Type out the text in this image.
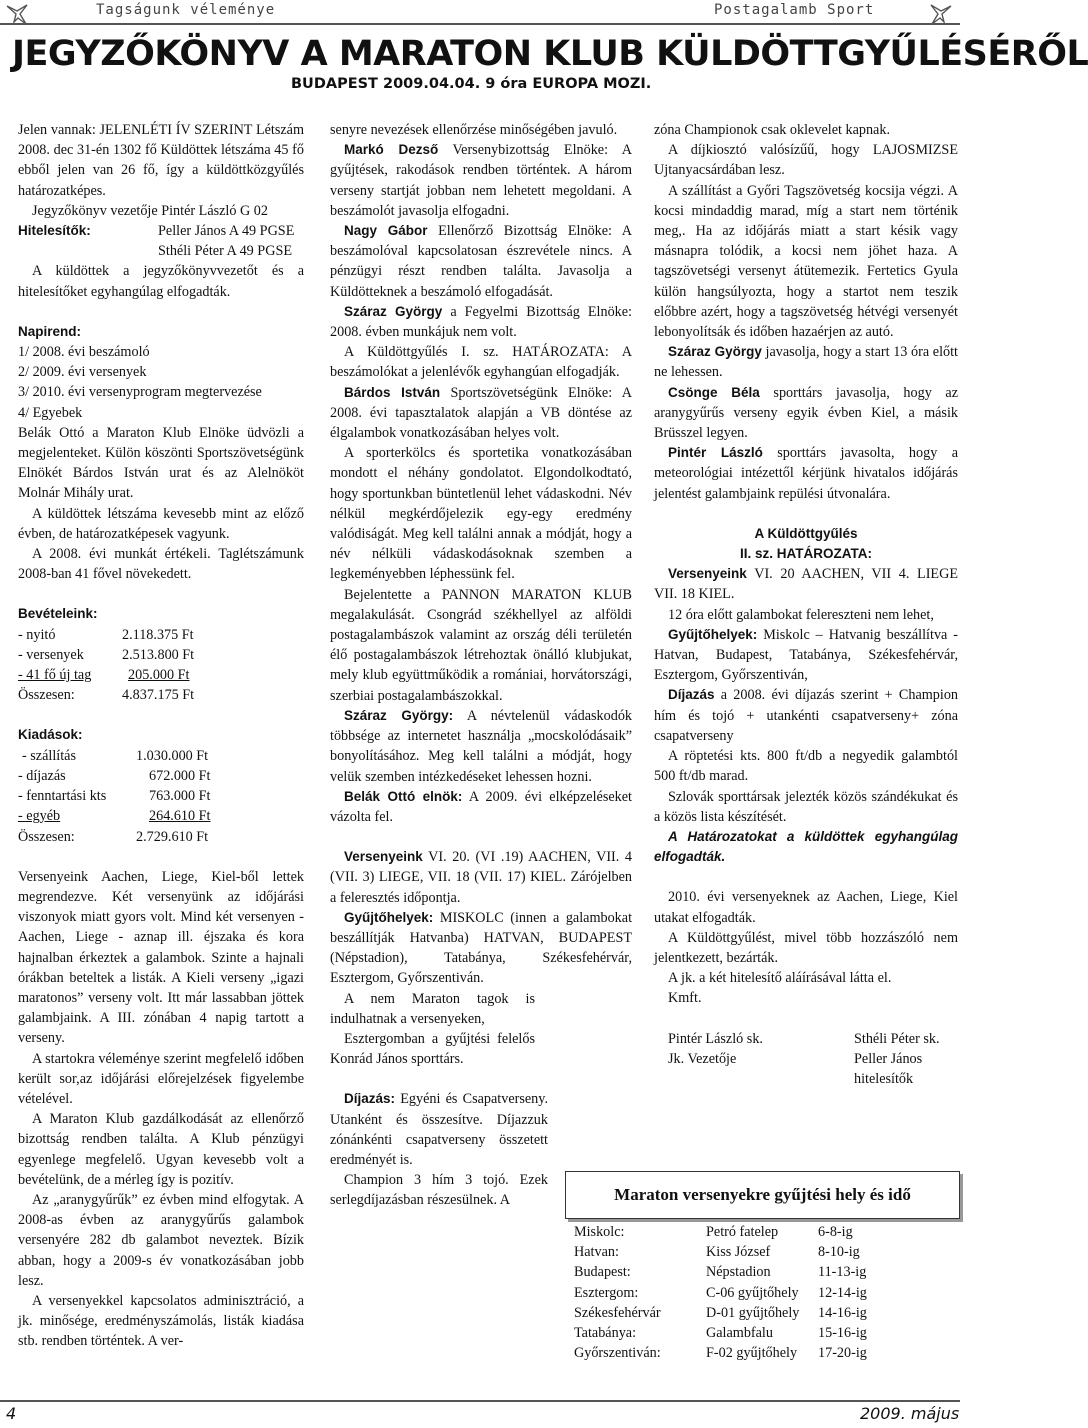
Tagságunk véleménye	Postagalamb Sport
JEGYZŐKÖNYV A MARATON KLUB KÜLDÖTTGYŰLÉSÉRŐL
BUDAPEST 2009.04.04. 9 óra EUROPA MOZI.

Jelen vannak: JELENLÉTI ÍV SZERINT Létszám 2008. dec 31-én 1302 fő Küldöttek létszáma 45 fő ebből jelen van 26 fő, így a küldöttközgyűlés határozatképes.

Jegyzőkönyv vezetője Pintér László G 02

Hitelesítők:	Peller János A 49 PGSE
Sthéli Péter A 49 PGSE

A küldöttek a jegyzőkönyvvezetőt és a hitelesítőket egyhangúlag elfogadták.

Napirend:
1/ 2008. évi beszámoló
2/ 2009. évi versenyek
3/ 2010. évi versenyprogram megtervezése
4/ Egyebek

Belák Ottó a Maraton Klub Elnöke üdvözli a megjelenteket. Külön köszönti Sportszövetségünk Elnökét Bárdos István urat és az Alelnököt Molnár Mihály urat.

A küldöttek létszáma kevesebb mint az előző évben, de határozatképesek vagyunk.

A 2008. évi munkát értékeli. Taglétszámunk 2008-ban 41 fővel növekedett.

Bevételeink:
- nyitó	2.118.375 Ft
- versenyek	2.513.800 Ft
- 41 fő új tag	205.000 Ft
Összesen:	4.837.175 Ft
Kiadások:
- szállítás	1.030.000 Ft
- díjazás	672.000 Ft
- fenntartási kts	763.000 Ft
- egyéb	264.610 Ft
Összesen:	2.729.610 Ft

Versenyeink Aachen, Liege, Kiel-ből lettek megrendezve. Két versenyünk az időjárási viszonyok miatt gyors volt. Mind két versenyen - Aachen, Liege - aznap ill. éjszaka és kora hajnalban érkeztek a galambok. Szinte a hajnali órákban beteltek a listák. A Kieli verseny „igazi maratonos” verseny volt. Itt már lassabban jöttek galambjaink. A III. zónában 4 napig tartott a verseny.

A startokra véleménye szerint megfelelő időben került sor,az időjárási előrejelzések figyelembe vételével.

A Maraton Klub gazdálkodását az ellenőrző bizottság rendben találta. A Klub pénzügyi egyenlege megfelelő. Ugyan kevesebb volt a bevételünk, de a mérleg így is pozitív.

Az „aranygyűrűk” ez évben mind elfogytak. A 2008-as évben az aranygyűrűs galambok versenyére 282 db galambot neveztek. Bízik abban, hogy a 2009-s év vonatkozásában jobb lesz.

A versenyekkel kapcsolatos adminisztráció, a jk. minősége, eredményszámolás, listák kiadása stb. rendben történtek. A ver-

senyre nevezések ellenőrzése minőségében javuló.

Markó Dezső Versenybizottság Elnöke: A gyűjtések, rakodások rendben történtek. A három verseny startját jobban nem lehetett megoldani. A beszámolót javasolja elfogadni.

Nagy Gábor Ellenőrző Bizottság Elnöke: A beszámolóval kapcsolatosan észrevétele nincs. A pénzügyi részt rendben találta. Javasolja a Küldötteknek a beszámoló elfogadását.

Száraz György a Fegyelmi Bizottság Elnöke: 2008. évben munkájuk nem volt.

A Küldöttgyűlés I. sz. HATÁROZATA: A beszámolókat a jelenlévők egyhangúan elfogadják.

Bárdos István Sportszövetségünk Elnöke: A 2008. évi tapasztalatok alapján a VB döntése az élgalambok vonatkozásában helyes volt.

A sporterkölcs és sportetika vonatkozásában mondott el néhány gondolatot. Elgondolkodtató, hogy sportunkban büntetlenül lehet vádaskodni. Név nélkül megkérdőjelezik egy-egy eredmény valódiságát. Meg kell találni annak a módját, hogy a név nélküli vádaskodásoknak szemben a legkeményebben léphessünk fel.

Bejelentette a PANNON MARATON KLUB megalakulását. Csongrád székhellyel az alföldi postagalambászok valamint az ország déli területén élő postagalambászok létrehoztak önálló klubjukat, mely klub együttműködik a romániai, horvátországi, szerbiai postagalambászokkal.

Száraz György: A névtelenül vádaskodók többsége az internetet használja „mocskolódásaik” bonyolításához. Meg kell találni a módját, hogy velük szemben intézkedéseket lehessen hozni.

Belák Ottó elnök: A 2009. évi elképzeléseket vázolta fel.

Versenyeink VI. 20. (VI .19) AACHEN, VII. 4 (VII. 3) LIEGE, VII. 18 (VII. 17) KIEL. Zárójelben a feleresztés időpontja.

Gyűjtőhelyek: MISKOLC (innen a galambokat beszállítják Hatvanba) HATVAN, BUDAPEST (Népstadion), Tatabánya, Székesfehérvár, Esztergom, Győrszentiván.

A nem Maraton tagok is indulhatnak a versenyeken,

Esztergomban a gyűjtési felelős Konrád János sporttárs.

Díjazás: Egyéni és Csapatverseny. Utanként és összesítve. Díjazzuk zónánkénti csapatverseny összetett eredményét is.

Champion 3 hím 3 tojó. Ezek serlegdíjazásban részesülnek. A

zóna Championok csak oklevelet kapnak.

A díjkiosztó valósízűű, hogy LAJOSMIZSE Ujtanyacsárdában lesz.

A szállítást a Győri Tagszövetség kocsija végzi. A kocsi mindaddig marad, míg a start nem történik meg,. Ha az időjárás miatt a start késik vagy másnapra tolódik, a kocsi nem jöhet haza. A tagszövetségi versenyt átütemezik. Fertetics Gyula külön hangsúlyozta, hogy a startot nem teszik előbbre azért, hogy a tagszövetség hétvégi versenyét lebonyolítsák és időben hazaérjen az autó.

Száraz György javasolja, hogy a start 13 óra előtt ne lehessen.

Csönge Béla sporttárs javasolja, hogy az aranygyűrűs verseny egyik évben Kiel, a másik Brüsszel legyen.

Pintér László sporttárs javasolta, hogy a meteorológiai intézettől kérjünk hivatalos időjárás jelentést galambjaink repülési útvonalára.

A Küldöttgyűlés

II. sz. HATÁROZATA:

Versenyeink VI. 20 AACHEN, VII 4. LIEGE VII. 18 KIEL.

12 óra előtt galambokat felereszteni nem lehet,

Gyűjtőhelyek: Miskolc – Hatvanig beszállítva - Hatvan, Budapest, Tatabánya, Székesfehérvár, Esztergom, Győrszentiván,

Díjazás a 2008. évi díjazás szerint + Champion hím és tojó + utankénti csapatverseny+ zóna csapatverseny

A röptetési kts. 800 ft/db a negyedik galambtól 500 ft/db marad.

Szlovák sporttársak jelezték közös szándékukat és a közös lista készítését.

A Határozatokat a küldöttek egyhangúlag elfogadták.

2010. évi versenyeknek az Aachen, Liege, Kiel utakat elfogadták.

A Küldöttgyűlést, mivel több hozzászóló nem jelentkezett, bezárták.

A jk. a két hitelesítő aláírásával látta el.

Kmft.

Pintér László sk.
Jk. Vezetője
Sthéli Péter sk.
Peller János
hitelesítők
Maraton versenyekre gyűjtési hely és idő
Miskolc:	Petró fatelep	6-8-ig
Hatvan:	Kiss József	8-10-ig
Budapest:	Népstadion	11-13-ig
Esztergom:	C-06 gyűjtőhely	12-14-ig
Székesfehérvár	D-01 gyűjtőhely	14-16-ig
Tatabánya:	Galambfalu	15-16-ig
Győrszentiván:	F-02 gyűjtőhely	17-20-ig
4	2009. május
